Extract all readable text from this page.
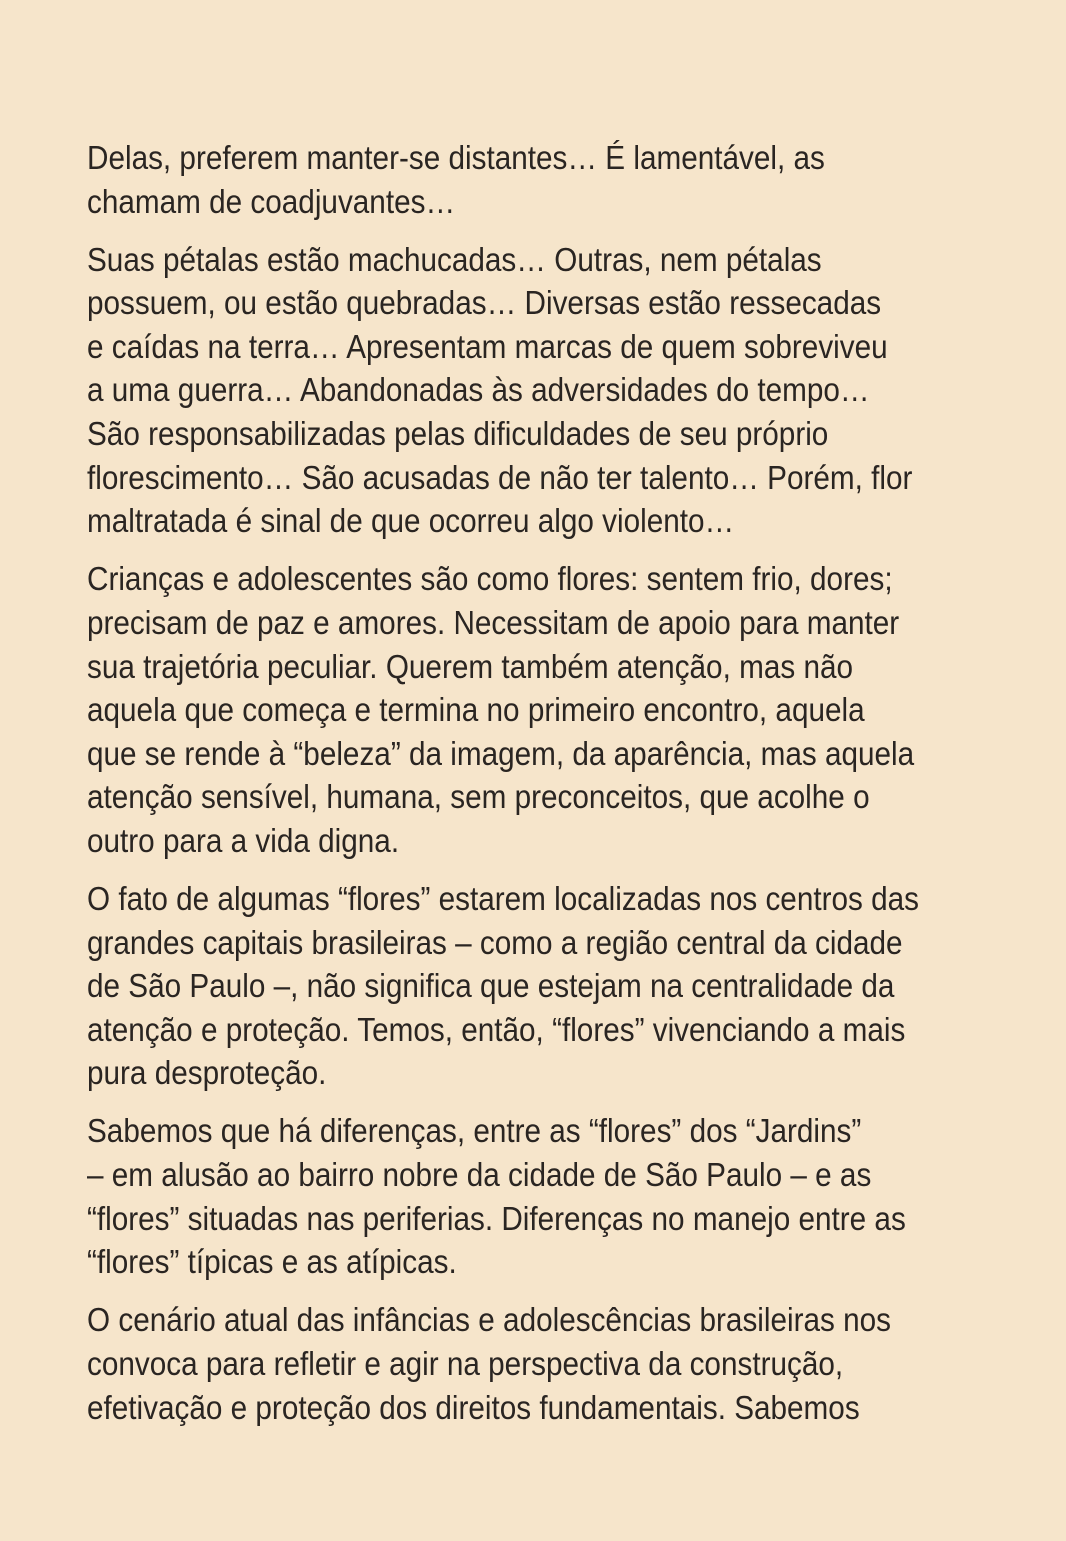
Delas, preferem manter-se distantes… É lamentável, as
chamam de coadjuvantes…

Suas pétalas estão machucadas… Outras, nem pétalas
possuem, ou estão quebradas… Diversas estão ressecadas
e caídas na terra… Apresentam marcas de quem sobreviveu
a uma guerra… Abandonadas às adversidades do tempo…
São responsabilizadas pelas dificuldades de seu próprio
florescimento… São acusadas de não ter talento… Porém, flor
maltratada é sinal de que ocorreu algo violento…

Crianças e adolescentes são como flores: sentem frio, dores;
precisam de paz e amores. Necessitam de apoio para manter
sua trajetória peculiar. Querem também atenção, mas não
aquela que começa e termina no primeiro encontro, aquela
que se rende à “beleza” da imagem, da aparência, mas aquela
atenção sensível, humana, sem preconceitos, que acolhe o
outro para a vida digna.

O fato de algumas “flores” estarem localizadas nos centros das
grandes capitais brasileiras – como a região central da cidade
de São Paulo –, não significa que estejam na centralidade da
atenção e proteção. Temos, então, “flores” vivenciando a mais
pura desproteção.

Sabemos que há diferenças, entre as “flores” dos “Jardins”
– em alusão ao bairro nobre da cidade de São Paulo – e as
“flores” situadas nas periferias. Diferenças no manejo entre as
“flores” típicas e as atípicas.

O cenário atual das infâncias e adolescências brasileiras nos
convoca para refletir e agir na perspectiva da construção,
efetivação e proteção dos direitos fundamentais. Sabemos
